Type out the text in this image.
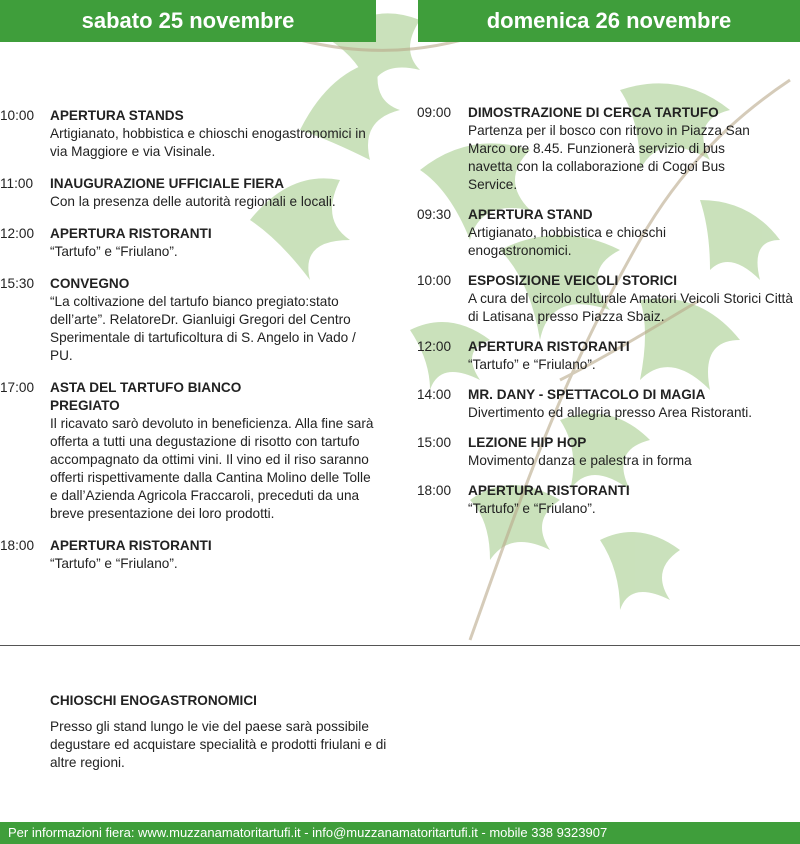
sabato 25 novembre	domenica 26 novembre
10:00	APERTURA STANDS
Artigianato, hobbistica e chioschi enogastronomici in via Maggiore e via Visinale.
11:00	INAUGURAZIONE UFFICIALE FIERA
Con la presenza delle autorità regionali e locali.
12:00	APERTURA RISTORANTI
“Tartufo” e “Friulano”.
15:30	CONVEGNO
“La coltivazione del tartufo bianco pregiato:stato dell’arte”. RelatoreDr. Gianluigi Gregori del Centro Sperimentale di tartuficoltura di S. Angelo in Vado / PU.
17:00	ASTA DEL TARTUFO BIANCO PREGIATO
Il ricavato sarò devoluto in beneficienza. Alla fine sarà offerta a tutti una degustazione di risotto con tartufo accompagnato da ottimi vini. Il vino ed il riso saranno offerti rispettivamente dalla Cantina Molino delle Tolle e dall’Azienda Agricola Fraccaroli, preceduti da una breve presentazione dei loro prodotti.
18:00	APERTURA RISTORANTI
“Tartufo” e “Friulano”.
09:00	DIMOSTRAZIONE DI CERCA TARTUFO
Partenza per il bosco con ritrovo in Piazza San Marco ore 8.45. Funzionerà servizio di bus navetta con la collaborazione di Cogoi Bus Service.
09:30	APERTURA STAND
Artigianato, hobbistica e chioschi enogastronomici.
10:00	ESPOSIZIONE VEICOLI STORICI
A cura del circolo culturale Amatori Veicoli Storici Città di Latisana presso Piazza Sbaiz.
12:00	APERTURA RISTORANTI
“Tartufo” e “Friulano”.
14:00	MR. DANY - SPETTACOLO DI MAGIA
Divertimento ed allegria presso Area Ristoranti.
15:00	LEZIONE HIP HOP
Movimento danza e palestra in forma
18:00	APERTURA RISTORANTI
“Tartufo” e “Friulano”.
CHIOSCHI ENOGASTRONOMICI
Presso gli stand lungo le vie del paese sarà possibile degustare ed acquistare specialità e prodotti friulani e di altre regioni.
Per informazioni fiera: www.muzzanamatoritartufi.it - info@muzzanamatoritartufi.it - mobile 338 9323907
